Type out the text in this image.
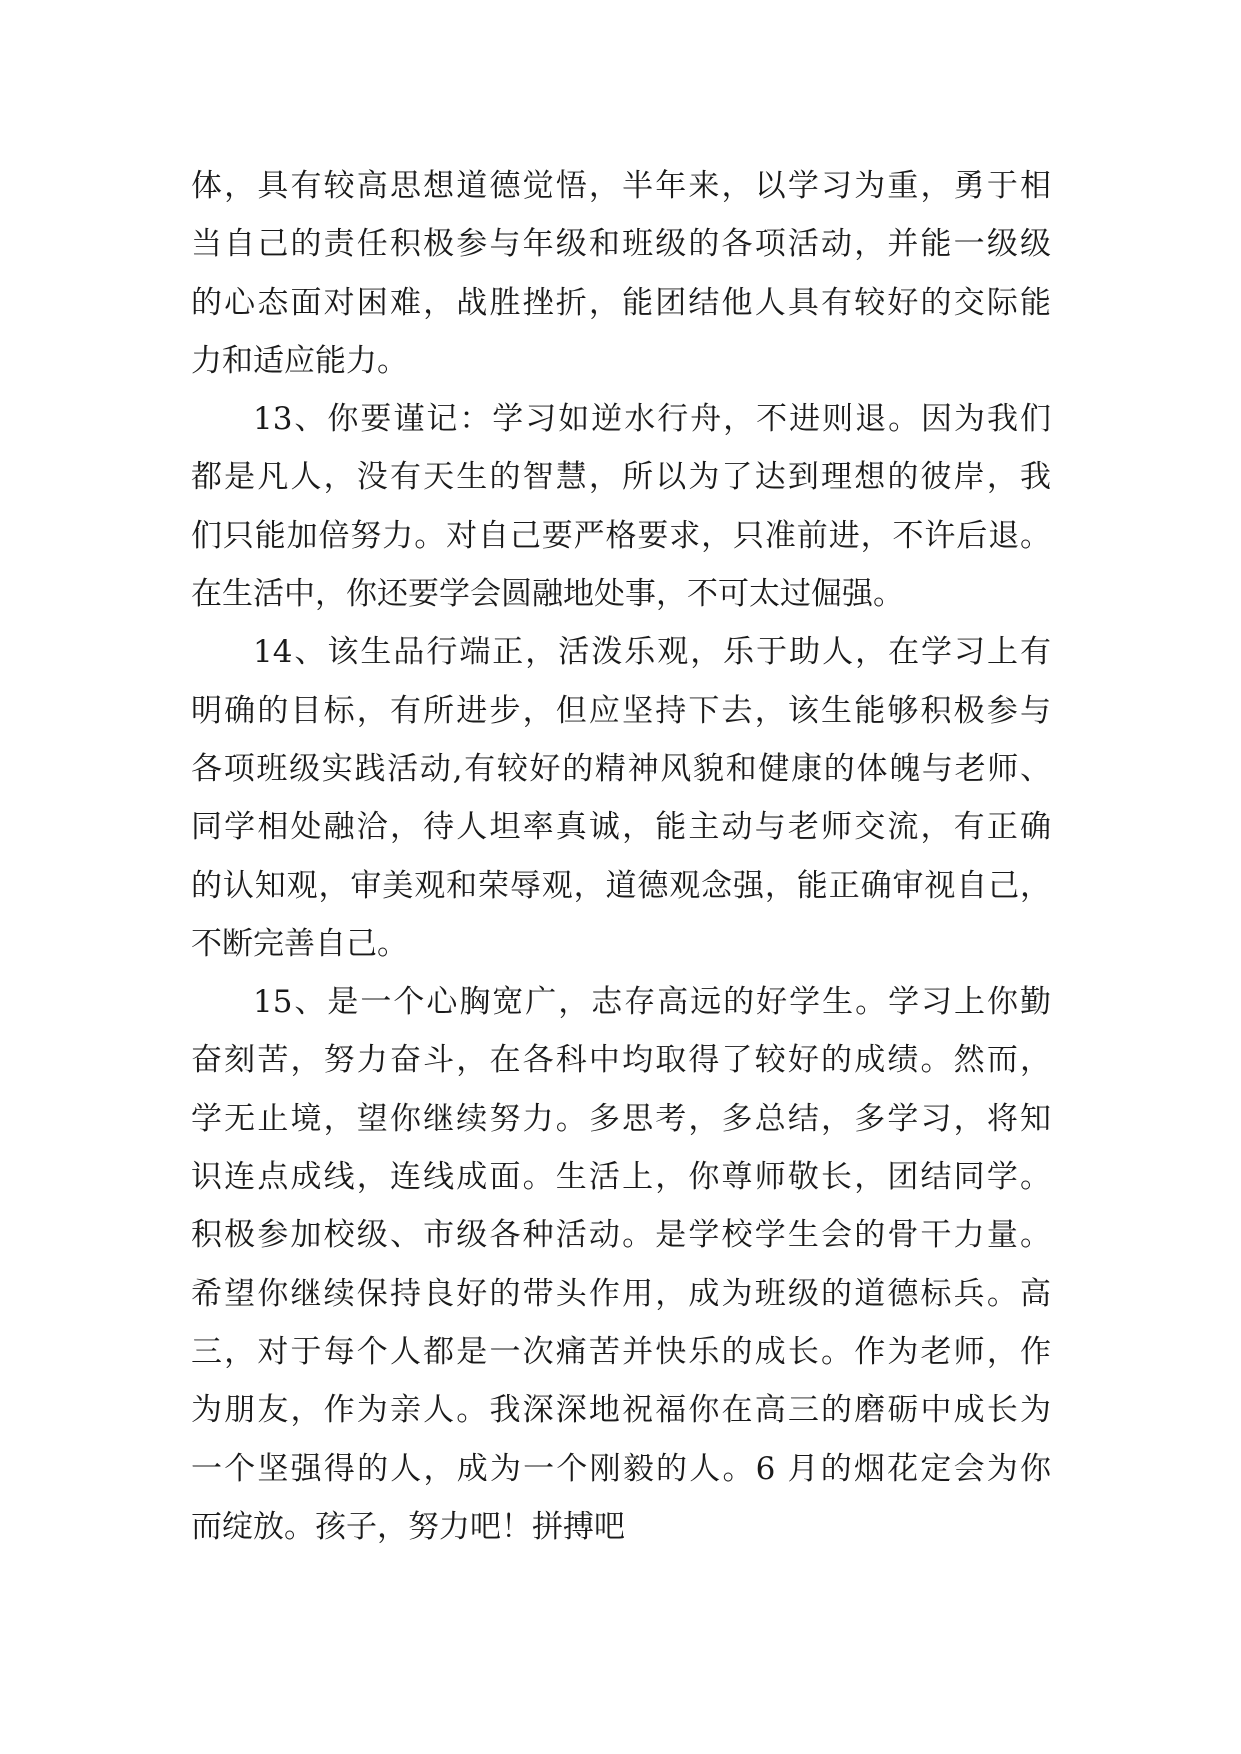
体，具有较高思想道德觉悟，半年来，以学习为重，勇于相
当自己的责任积极参与年级和班级的各项活动，并能一级级
的心态面对困难，战胜挫折，能团结他人具有较好的交际能
力和适应能力。
13、你要谨记：学习如逆水行舟，不进则退。因为我们
都是凡人，没有天生的智慧，所以为了达到理想的彼岸，我
们只能加倍努力。对自己要严格要求，只准前进，不许后退。
在生活中，你还要学会圆融地处事，不可太过倔强。
14、该生品行端正，活泼乐观，乐于助人，在学习上有
明确的目标，有所进步，但应坚持下去，该生能够积极参与
各项班级实践活动,有较好的精神风貌和健康的体魄与老师、
同学相处融洽，待人坦率真诚，能主动与老师交流，有正确
的认知观，审美观和荣辱观，道德观念强，能正确审视自己，
不断完善自己。
15、是一个心胸宽广，志存高远的好学生。学习上你勤
奋刻苦，努力奋斗，在各科中均取得了较好的成绩。然而，
学无止境，望你继续努力。多思考，多总结，多学习，将知
识连点成线，连线成面。生活上，你尊师敬长，团结同学。
积极参加校级、市级各种活动。是学校学生会的骨干力量。
希望你继续保持良好的带头作用，成为班级的道德标兵。高
三，对于每个人都是一次痛苦并快乐的成长。作为老师，作
为朋友，作为亲人。我深深地祝福你在高三的磨砺中成长为
一个坚强得的人，成为一个刚毅的人。6 月的烟花定会为你
而绽放。孩子，努力吧！拼搏吧
